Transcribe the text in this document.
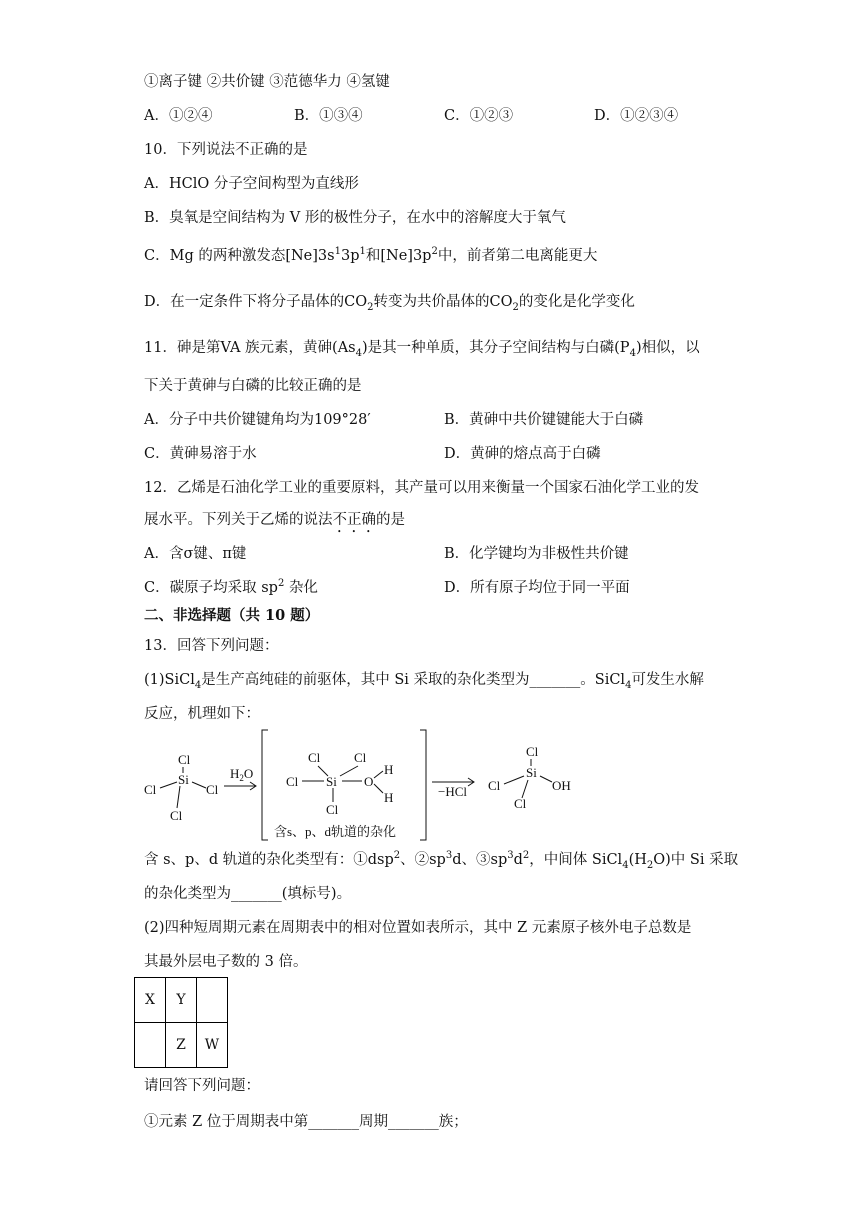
①离子键 ②共价键 ③范德华力 ④氢键
A．①②④	B．①③④	C．①②③	D．①②③④
10．下列说法不正确的是
A．HClO 分子空间构型为直线形
B．臭氧是空间结构为 V 形的极性分子，在水中的溶解度大于氧气
C．Mg 的两种激发态$[Ne]3s^13p^1$和$[Ne]3p^2$中，前者第二电离能更大
D．在一定条件下将分子晶体的$CO_2$转变为共价晶体的$CO_2$的变化是化学变化
11．砷是第VA 族元素，黄砷$(As_4)$是其一种单质，其分子空间结构与白磷$(P_4)$相似，以
下关于黄砷与白磷的比较正确的是
A．分子中共价键键角均为109°28′	B．黄砷中共价键键能大于白磷
C．黄砷易溶于水	D．黄砷的熔点高于白磷
12．乙烯是石油化学工业的重要原料，其产量可以用来衡量一个国家石油化学工业的发
展水平。下列关于乙烯的说法不正确的是
A．含σ键、π键	B．化学键均为非极性共价键
C．碳原子均采取 $sp^2$ 杂化	D．所有原子均位于同一平面
二、非选择题（共 10 题）
13．回答下列问题：
(1)SiCl$_4$是生产高纯硅的前驱体，其中 Si 采取的杂化类型为_______。SiCl$_4$可发生水解
反应，机理如下：
Cl
Si
Cl	Cl
Cl
$H_2O$
Cl	Cl
Cl Si O
H
H
Cl
含s、p、d轨道的杂化
−HCl
Cl
Si
Cl	OH
Cl
含 s、p、d 轨道的杂化类型有：①dsp$^2$、$②sp^3d$、$③sp^3d^2$，中间体 $SiCl_4(H_2O)$中 Si 采取
的杂化类型为_______(填标号)。
(2)四种短周期元素在周期表中的相对位置如表所示，其中 Z 元素原子核外电子总数是
其最外层电子数的 3 倍。
X	Y	
	Z	W
请回答下列问题：
①元素 Z 位于周期表中第_______周期_______族；
